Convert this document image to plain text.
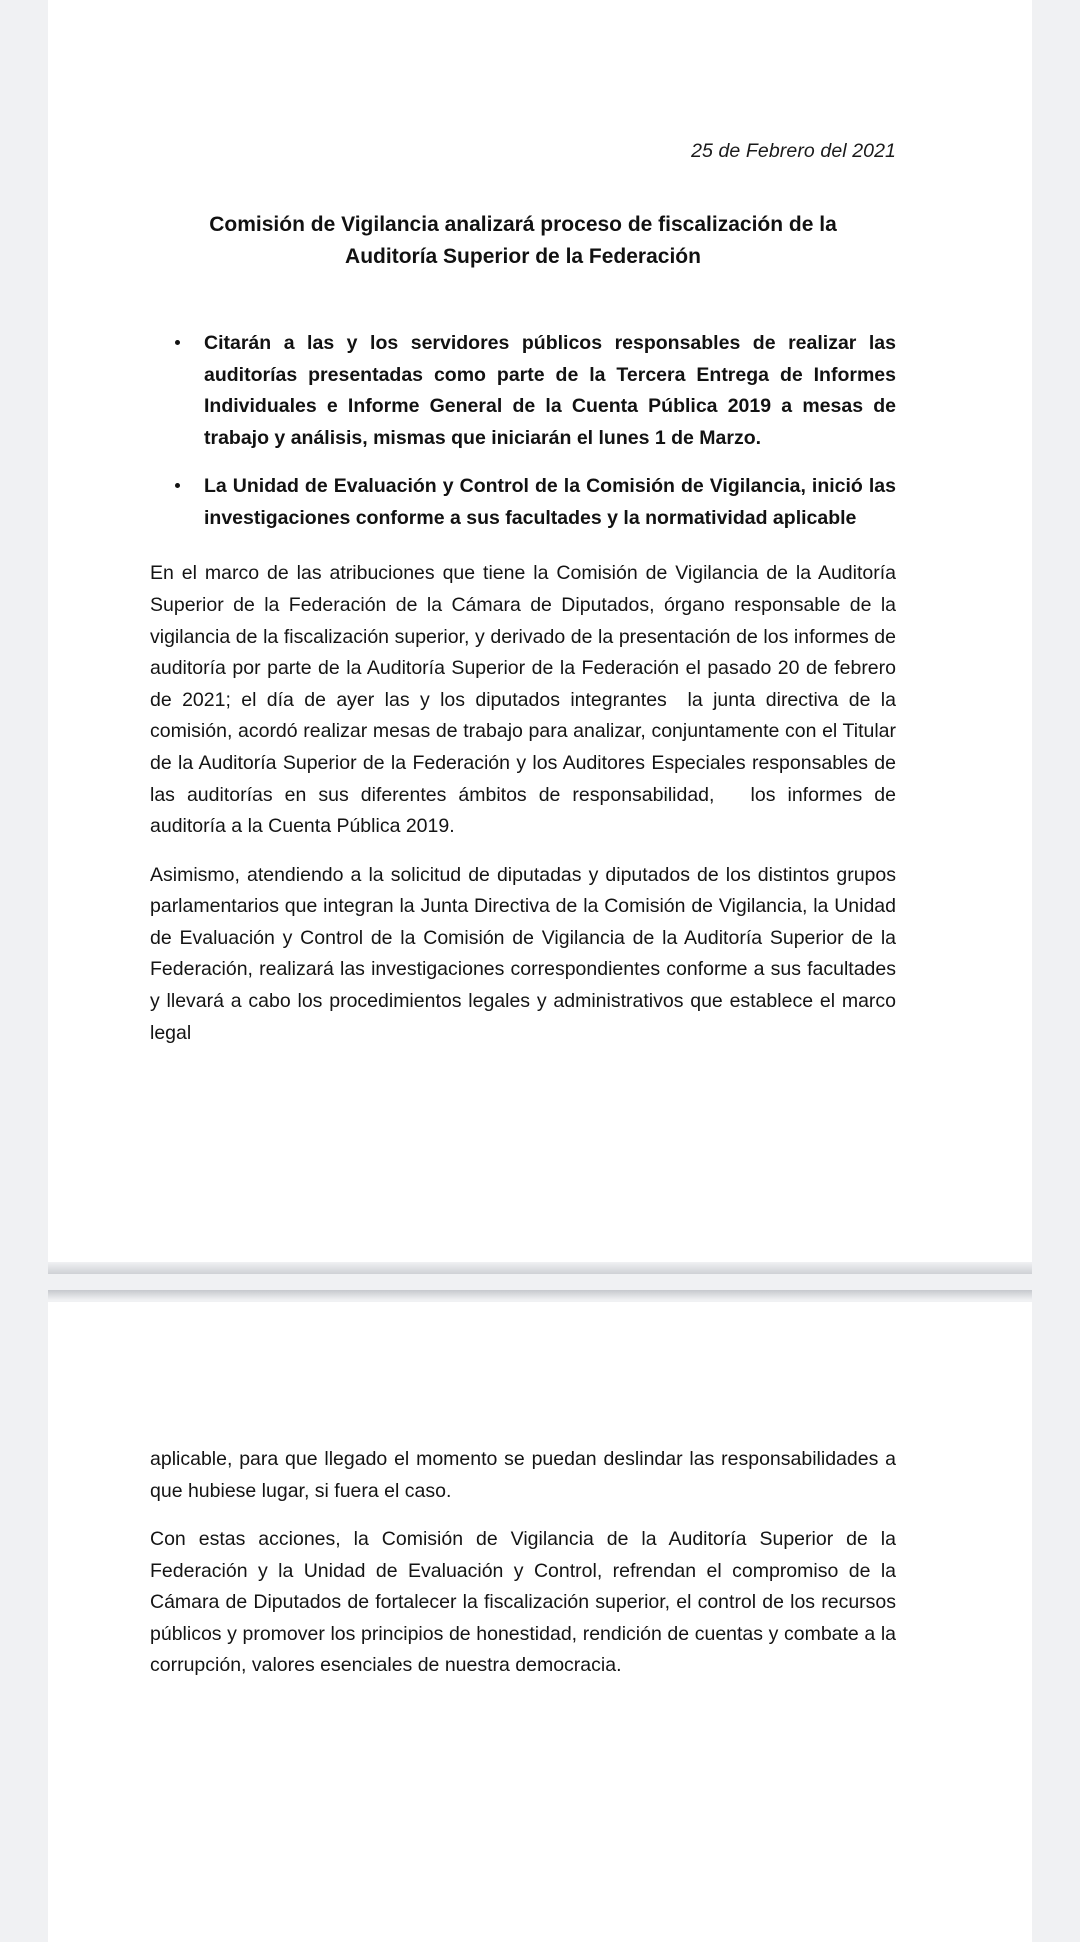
25 de Febrero del 2021
Comisión de Vigilancia analizará proceso de fiscalización de la Auditoría Superior de la Federación
Citarán a las y los servidores públicos responsables de realizar las auditorías presentadas como parte de la Tercera Entrega de Informes Individuales e Informe General de la Cuenta Pública 2019 a mesas de trabajo y análisis, mismas que iniciarán el lunes 1 de Marzo.
La Unidad de Evaluación y Control de la Comisión de Vigilancia, inició las investigaciones conforme a sus facultades y la normatividad aplicable

En el marco de las atribuciones que tiene la Comisión de Vigilancia de la Auditoría Superior de la Federación de la Cámara de Diputados, órgano responsable de la vigilancia de la fiscalización superior, y derivado de la presentación de los informes de auditoría por parte de la Auditoría Superior de la Federación el pasado 20 de febrero de 2021; el día de ayer las y los diputados integrantes  la junta directiva de la comisión, acordó realizar mesas de trabajo para analizar, conjuntamente con el Titular de la Auditoría Superior de la Federación y los Auditores Especiales responsables de las auditorías en sus diferentes ámbitos de responsabilidad,   los informes de auditoría a la Cuenta Pública 2019.

Asimismo, atendiendo a la solicitud de diputadas y diputados de los distintos grupos parlamentarios que integran la Junta Directiva de la Comisión de Vigilancia, la Unidad de Evaluación y Control de la Comisión de Vigilancia de la Auditoría Superior de la Federación, realizará las investigaciones correspondientes conforme a sus facultades y llevará a cabo los procedimientos legales y administrativos que establece el marco legal

aplicable, para que llegado el momento se puedan deslindar las responsabilidades a que hubiese lugar, si fuera el caso.

Con estas acciones, la Comisión de Vigilancia de la Auditoría Superior de la Federación y la Unidad de Evaluación y Control, refrendan el compromiso de la Cámara de Diputados de fortalecer la fiscalización superior, el control de los recursos públicos y promover los principios de honestidad, rendición de cuentas y combate a la corrupción, valores esenciales de nuestra democracia.
